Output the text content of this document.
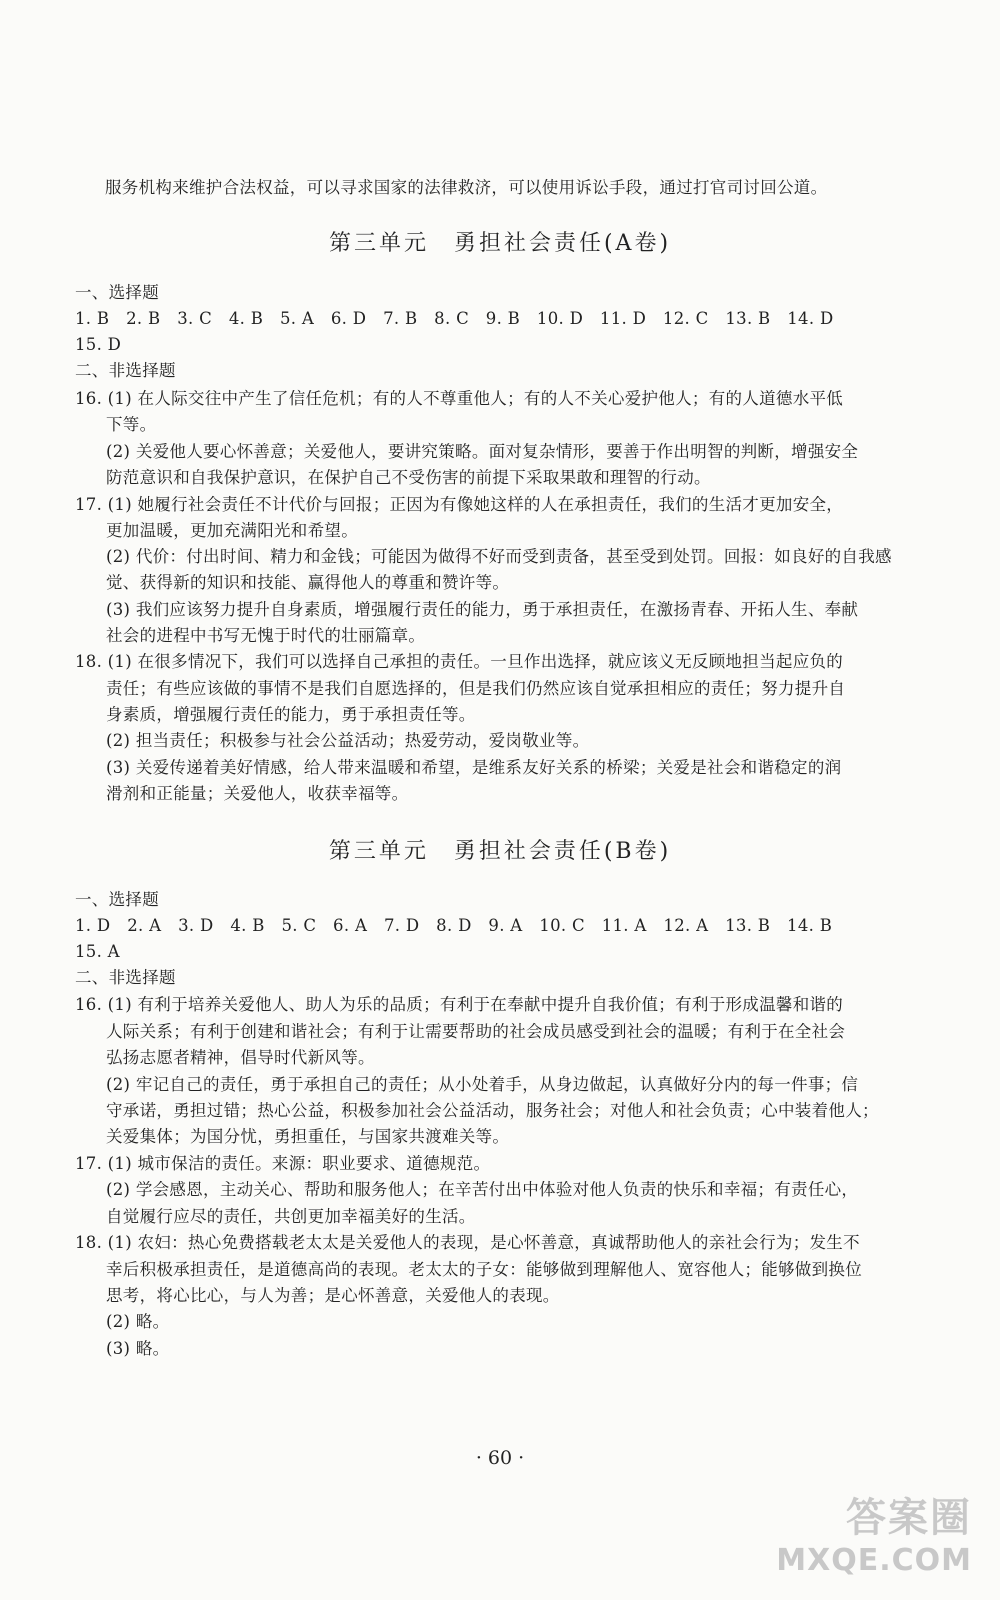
服务机构来维护合法权益，可以寻求国家的法律救济，可以使用诉讼手段，通过打官司讨回公道。
第三单元　勇担社会责任(A卷)
一、选择题
1. B　2. B　3. C　4. B　5. A　6. D　7. B　8. C　9. B　10. D　11. D　12. C　13. B　14. D
15. D
二、非选择题
16. (1) 在人际交往中产生了信任危机；有的人不尊重他人；有的人不关心爱护他人；有的人道德水平低
下等。
(2) 关爱他人要心怀善意；关爱他人，要讲究策略。面对复杂情形，要善于作出明智的判断，增强安全
防范意识和自我保护意识，在保护自己不受伤害的前提下采取果敢和理智的行动。
17. (1) 她履行社会责任不计代价与回报；正因为有像她这样的人在承担责任，我们的生活才更加安全，
更加温暖，更加充满阳光和希望。
(2) 代价：付出时间、精力和金钱；可能因为做得不好而受到责备，甚至受到处罚。回报：如良好的自我感
觉、获得新的知识和技能、赢得他人的尊重和赞许等。
(3) 我们应该努力提升自身素质，增强履行责任的能力，勇于承担责任，在激扬青春、开拓人生、奉献
社会的进程中书写无愧于时代的壮丽篇章。
18. (1) 在很多情况下，我们可以选择自己承担的责任。一旦作出选择，就应该义无反顾地担当起应负的
责任；有些应该做的事情不是我们自愿选择的，但是我们仍然应该自觉承担相应的责任；努力提升自
身素质，增强履行责任的能力，勇于承担责任等。
(2) 担当责任；积极参与社会公益活动；热爱劳动，爱岗敬业等。
(3) 关爱传递着美好情感，给人带来温暖和希望，是维系友好关系的桥梁；关爱是社会和谐稳定的润
滑剂和正能量；关爱他人，收获幸福等。
第三单元　勇担社会责任(B卷)
一、选择题
1. D　2. A　3. D　4. B　5. C　6. A　7. D　8. D　9. A　10. C　11. A　12. A　13. B　14. B
15. A
二、非选择题
16. (1) 有利于培养关爱他人、助人为乐的品质；有利于在奉献中提升自我价值；有利于形成温馨和谐的
人际关系；有利于创建和谐社会；有利于让需要帮助的社会成员感受到社会的温暖；有利于在全社会
弘扬志愿者精神，倡导时代新风等。
(2) 牢记自己的责任，勇于承担自己的责任；从小处着手，从身边做起，认真做好分内的每一件事；信
守承诺，勇担过错；热心公益，积极参加社会公益活动，服务社会；对他人和社会负责；心中装着他人；
关爱集体；为国分忧，勇担重任，与国家共渡难关等。
17. (1) 城市保洁的责任。来源：职业要求、道德规范。
(2) 学会感恩，主动关心、帮助和服务他人；在辛苦付出中体验对他人负责的快乐和幸福；有责任心，
自觉履行应尽的责任，共创更加幸福美好的生活。
18. (1) 农妇：热心免费搭载老太太是关爱他人的表现，是心怀善意，真诚帮助他人的亲社会行为；发生不
幸后积极承担责任，是道德高尚的表现。老太太的子女：能够做到理解他人、宽容他人；能够做到换位
思考，将心比心，与人为善；是心怀善意，关爱他人的表现。
(2) 略。
(3) 略。
· 60 ·
答案圈
MXQE.COM
